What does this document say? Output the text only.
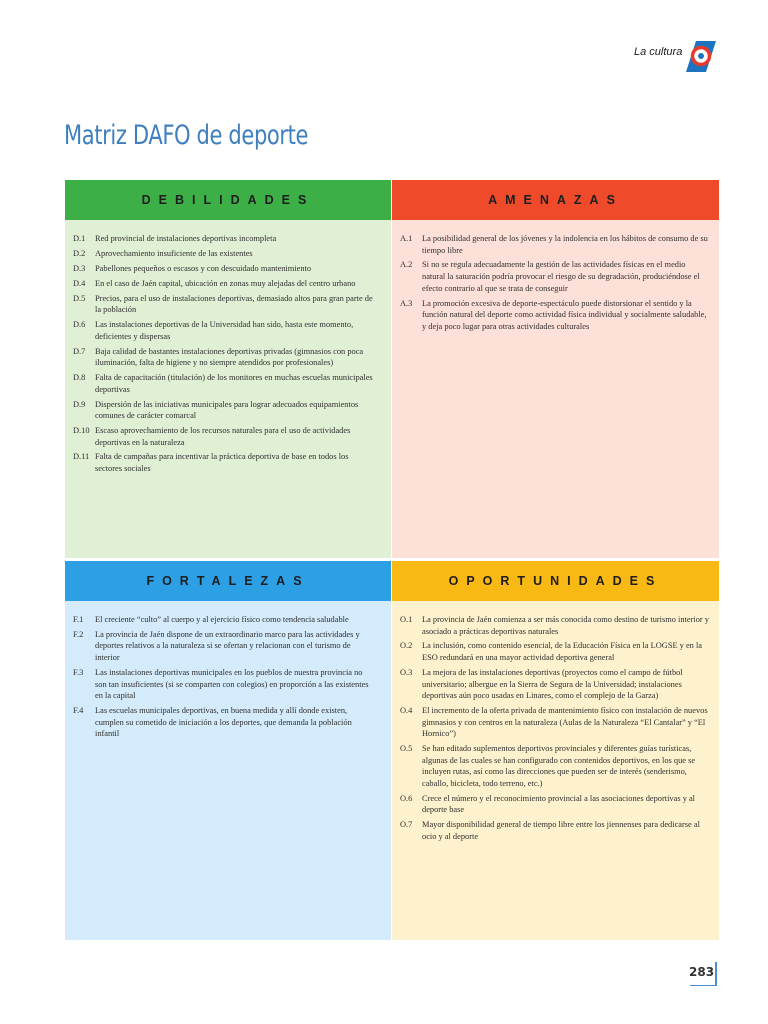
La cultura
Matriz DAFO de deporte
DEBILIDADES
D.1	Red provincial de instalaciones deportivas incompleta
D.2	Aprovechamiento insuficiente de las existentes
D.3	Pabellones pequeños o escasos y con descuidado mantenimiento
D.4	En el caso de Jaén capital, ubicación en zonas muy alejadas del centro urbano
D.5	Precios, para el uso de instalaciones deportivas, demasiado altos para gran parte de la población
D.6	Las instalaciones deportivas de la Universidad han sido, hasta este momento, deficientes y dispersas
D.7	Baja calidad de bastantes instalaciones deportivas privadas (gimnasios con poca iluminación, falta de higiene y no siempre atendidos por profesionales)
D.8	Falta de capacitación (titulación) de los monitores en muchas escuelas municipales deportivas
D.9	Dispersión de las iniciativas municipales para lograr adecuados equipamientos comunes de carácter comarcal
D.10 Escaso aprovechamiento de los recursos naturales para el uso de actividades deportivas en la naturaleza
D.11 Falta de campañas para incentivar la práctica deportiva de base en todos los sectores sociales
AMENAZAS
A.1	La posibilidad general de los jóvenes y la indolencia en los hábitos de consumo de su tiempo libre
A.2	Si no se regula adecuadamente la gestión de las actividades físicas en el medio natural la saturación podría provocar el riesgo de su degradación, produciéndose el efecto contrario al que se trata de conseguir
A.3	La promoción excesiva de deporte-espectáculo puede distorsionar el sentido y la función natural del deporte como actividad física individual y socialmente saludable, y deja poco lugar para otras actividades culturales
FORTALEZAS
F.1	El creciente “culto” al cuerpo y al ejercicio físico como tendencia saludable
F.2	La provincia de Jaén dispone de un extraordinario marco para las actividades y deportes relativos a la naturaleza si se ofertan y relacionan con el turismo de interior
F.3	Las instalaciones deportivas municipales en los pueblos de nuestra provincia no son tan insuficientes (si se comparten con colegios) en proporción a las existentes en la capital
F.4	Las escuelas municipales deportivas, en buena medida y allí donde existen, cumplen su cometido de iniciación a los deportes, que demanda la población infantil
OPORTUNIDADES
O.1	La provincia de Jaén comienza a ser más conocida como destino de turismo interior y asociado a prácticas deportivas naturales
O.2	La inclusión, como contenido esencial, de la Educación Física en la LOGSE y en la ESO redundará en una mayor actividad deportiva general
O.3	La mejora de las instalaciones deportivas (proyectos como el campo de fútbol universitario; albergue en la Sierra de Segura de la Universidad; instalaciones deportivas aún poco usadas en Linares, como el complejo de la Garza)
O.4	El incremento de la oferta privada de mantenimiento físico con instalación de nuevos gimnasios y con centros en la naturaleza (Aulas de la Naturaleza “El Cantalar” y “El Hornico”)
O.5	Se han editado suplementos deportivos provinciales y diferentes guías turísticas, algunas de las cuales se han configurado con contenidos deportivos, en los que se incluyen rutas, así como las direcciones que pueden ser de interés (senderismo, caballo, bicicleta, todo terreno, etc.)
O.6	Crece el número y el reconocimiento provincial a las asociaciones deportivas y al deporte base
O.7	Mayor disponibilidad general de tiempo libre entre los jiennenses para dedicarse al ocio y al deporte
283
